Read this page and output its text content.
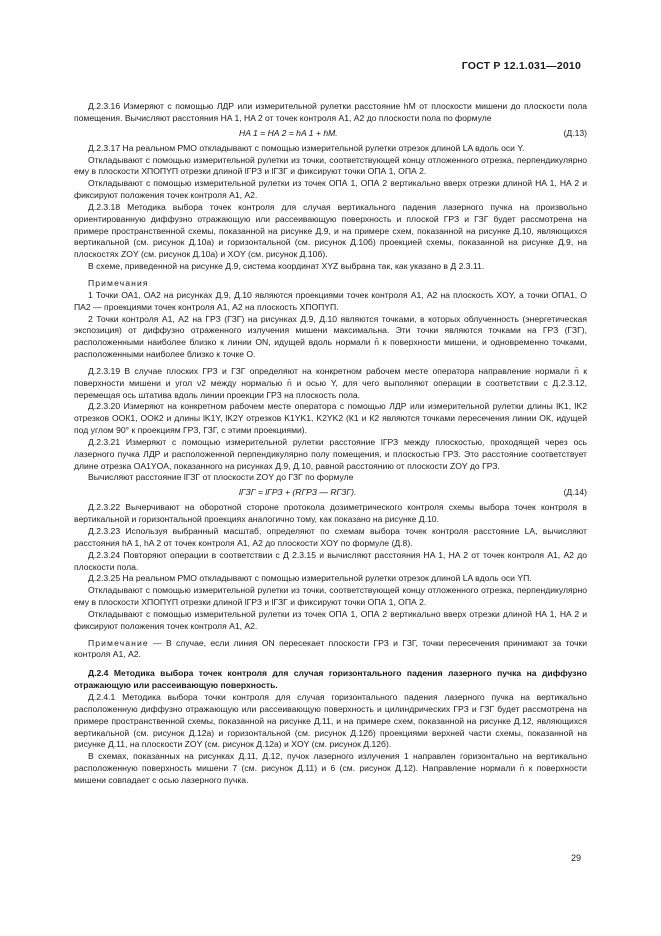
ГОСТ Р 12.1.031—2010

Д.2.3.16 Измеряют с помощью ЛДР или измерительной рулетки расстояние hM от плоскости мишени до плоскости пола помещения. Вычисляют расстояния HA 1, HA 2 от точек контроля А1, А2 до плоскости пола по формуле

HA 1 = HA 2 = hA 1 + hM.	(Д.13)

Д.2.3.17 На реальном РМО откладывают с помощью измерительной рулетки отрезок длиной LA вдоль оси Y.

Откладывают с помощью измерительной рулетки из точки, соответствующей концу отложенного отрезка, перпендикулярно ему в плоскости XПОПYП отрезки длиной lГРЗ и lГЗГ и фиксируют точки ОПА 1, ОПА 2.

Откладывают с помощью измерительной рулетки из точек ОПА 1, ОПА 2 вертикально вверх отрезки длиной HA 1, HA 2 и фиксируют положения точек контроля А1, А2.

Д.2.3.18 Методика выбора точек контроля для случая вертикального падения лазерного пучка на произвольно ориентированную диффузно отражающую или рассеивающую поверхность и плоской ГРЗ и ГЗГ будет рассмотрена на примере пространственной схемы, показанной на рисунке Д.9, и на примере схем, показанной на рисунке Д.10, являющихся вертикальной (см. рисунок Д.10а) и горизонтальной (см. рисунок Д.10б) проекцией схемы, показанной на рисунке Д.9, на плоскостях ZOY (см. рисунок Д.10а) и XOY (см. рисунок Д.10б).

В схеме, приведенной на рисунке Д.9, система координат XYZ выбрана так, как указано в Д 2.3.11.

Примечания

1 Точки ОА1, ОА2 на рисунках Д.9, Д.10 являются проекциями точек контроля А1, А2 на плоскость XOY, а точки ОПА1, О ПА2 — проекциями точек контроля А1, А2 на плоскость XПОПYП.

2 Точки контроля А1, А2 на ГРЗ (ГЗГ) на рисунках Д.9, Д.10 являются точками, в которых облученность (энергетическая экспозиция) от диффузно отраженного излучения мишени максимальна. Эти точки являются точками на ГРЗ (ГЗГ), расположенными наиболее близко к линии ON, идущей вдоль нормали n̄ к поверхности мишени, и одновременно точками, расположенными наиболее близко к точке О.

Д.2.3.19 В случае плоских ГРЗ и ГЗГ определяют на конкретном рабочем месте оператора направление нормали n̄ к поверхности мишени и угол ν2 между нормалью n̄ и осью Y, для чего выполняют операции в соответствии с Д.2.3.12, перемещая ось штатива вдоль линии проекции ГРЗ на плоскость пола.

Д.2.3.20 Измеряют на конкретном рабочем месте оператора с помощью ЛДР или измерительной рулетки длины lK1, lK2 отрезков ООК1, ООК2 и длины lK1Y, lK2Y отрезков K1YK1, K2YK2 (К1 и К2 являются точками пересечения линии ОК, идущей под углом 90° к проекциям ГРЗ, ГЗГ, с этими проекциями).

Д.2.3.21 Измеряют с помощью измерительной рулетки расстояние lГРЗ между плоскостью, проходящей через ось лазерного пучка ЛДР и расположенной перпендикулярно полу помещения, и плоскостью ГРЗ. Это расстояние соответствует длине отрезка OA1YOA, показанного на рисунках Д.9, Д.10, равной расстоянию от плоскости ZOY до ГРЗ.

Вычисляют расстояние lГЗГ от плоскости ZOY до ГЗГ по формуле

lГЗГ = lГРЗ + (RГРЗ — RГЗГ).	(Д.14)

Д.2.3.22 Вычерчивают на оборотной стороне протокола дозиметрического контроля схемы выбора точек контроля в вертикальной и горизонтальной проекциях аналогично тому, как показано на рисунке Д.10.

Д.2.3.23 Используя выбранный масштаб, определяют по схемам выбора точек контроля расстояние LA, вычисляют расстояния hA 1, hA 2 от точек контроля А1, А2 до плоскости XOY по формуле (Д.8).

Д.2.3.24 Повторяют операции в соответствии с Д 2.3.15 и вычисляют расстояния HA 1, HA 2 от точек контроля А1, А2 до плоскости пола.

Д.2.3.25 На реальном РМО откладывают с помощью измерительной рулетки отрезок длиной LA вдоль оси YП.

Откладывают с помощью измерительной рулетки из точки, соответствующей концу отложенного отрезка, перпендикулярно ему в плоскости XПОПYП отрезки длиной lГРЗ и lГЗГ и фиксируют точки ОПА 1, ОПА 2.

Откладывают с помощью измерительной рулетки из точек ОПА 1, ОПА 2 вертикально вверх отрезки длиной HA 1, HA 2 и фиксируют положения точек контроля А1, А2.

Примечание — В случае, если линия ON пересекает плоскости ГРЗ и ГЗГ, точки пересечения принимают за точки контроля А1, А2.

Д.2.4 Методика выбора точек контроля для случая горизонтального падения лазерного пучка на диффузно отражающую или рассеивающую поверхность.

Д.2.4.1 Методика выбора точки контроля для случая горизонтального падения лазерного пучка на вертикально расположенную диффузно отражающую или рассеивающую поверхность и цилиндрических ГРЗ и ГЗГ будет рассмотрена на примере пространственной схемы, показанной на рисунке Д.11, и на примере схем, показанной на рисунке Д.12, являющихся вертикальной (см. рисунок Д.12а) и горизонтальной (см. рисунок Д.12б) проекциями верхней части схемы, показанной на рисунке Д.11, на плоскости ZOY (см. рисунок Д.12а) и XOY (см. рисунок Д.12б).

В схемах, показанных на рисунках Д.11, Д.12, пучок лазерного излучения 1 направлен горизонтально на вертикально расположенную поверхность мишени 7 (см. рисунок Д.11) и 6 (см. рисунок Д.12). Направление нормали n̄ к поверхности мишени совпадает с осью лазерного пучка.

29
